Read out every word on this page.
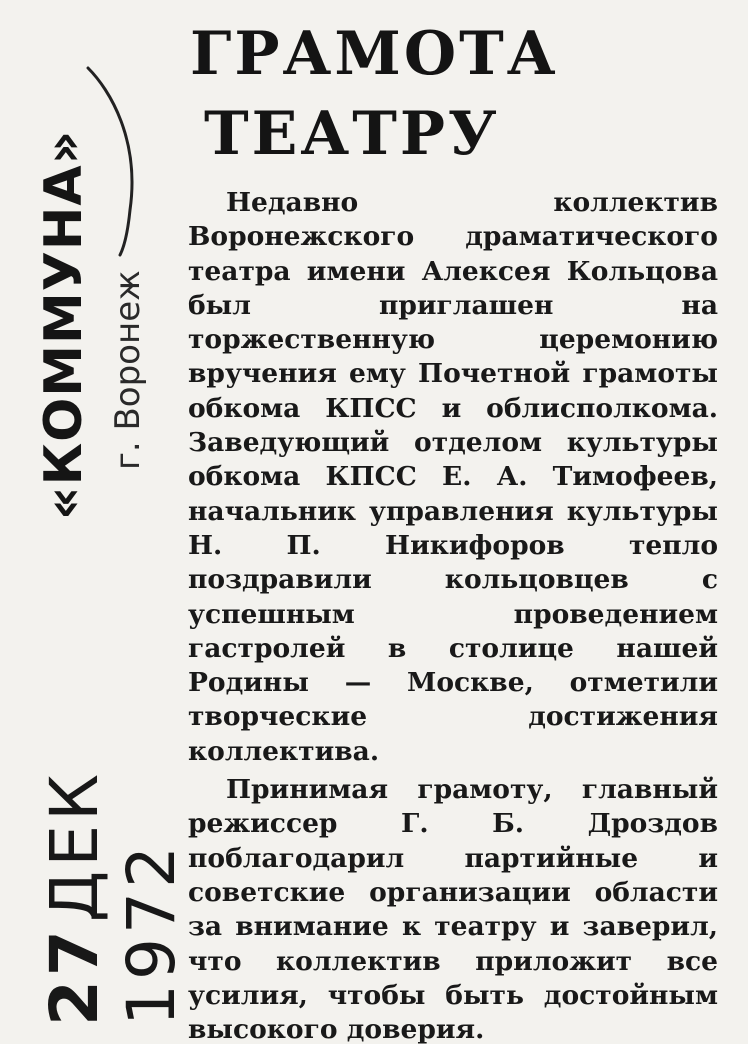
ГРАМОТА
ТЕАТРУ
«КОММУНА» г. Воронеж
27 ДЕК 1972

Недавно коллектив Воронежского драматического театра имени Алексея Кольцова был приглашен на торжественную церемонию вручения ему Почетной грамоты обкома КПСС и облисполкома. Заведующий отделом культуры обкома КПСС Е. А. Тимофеев, начальник управления культуры Н. П. Никифоров тепло поздравили кольцовцев с успешным проведением гастролей в столице нашей Родины — Москве, отметили творческие достижения коллектива.

Принимая грамоту, главный режиссер Г. Б. Дроздов поблагодарил партийные и советские организации области за внимание к театру и заверил, что коллектив приложит все усилия, чтобы быть достойным высокого доверия.
